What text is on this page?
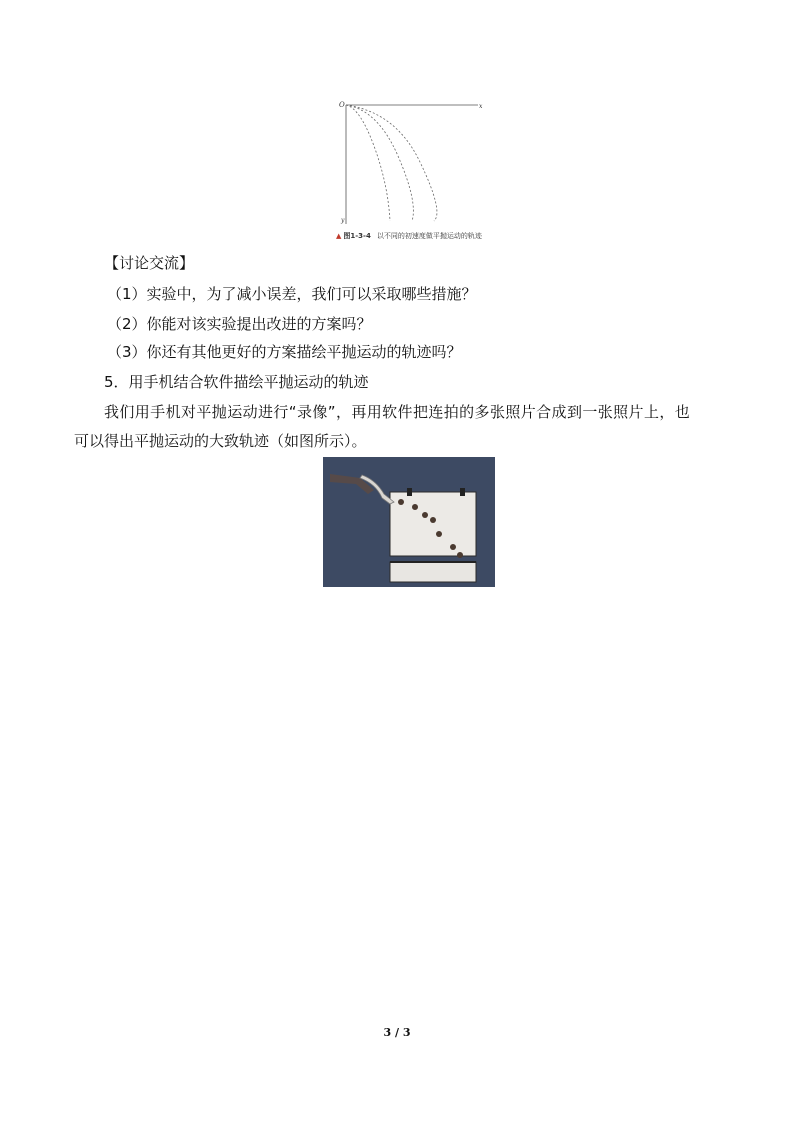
O	x
y
▲ 图1-3-4 以不同的初速度做平抛运动的轨迹
【讨论交流】
（1）实验中，为了减小误差，我们可以采取哪些措施？
（2）你能对该实验提出改进的方案吗？
（3）你还有其他更好的方案描绘平抛运动的轨迹吗？
5．用手机结合软件描绘平抛运动的轨迹
我们用手机对平抛运动进行“录像”，再用软件把连拍的多张照片合成到一张照片上，也
可以得出平抛运动的大致轨迹（如图所示）。
3 / 3
